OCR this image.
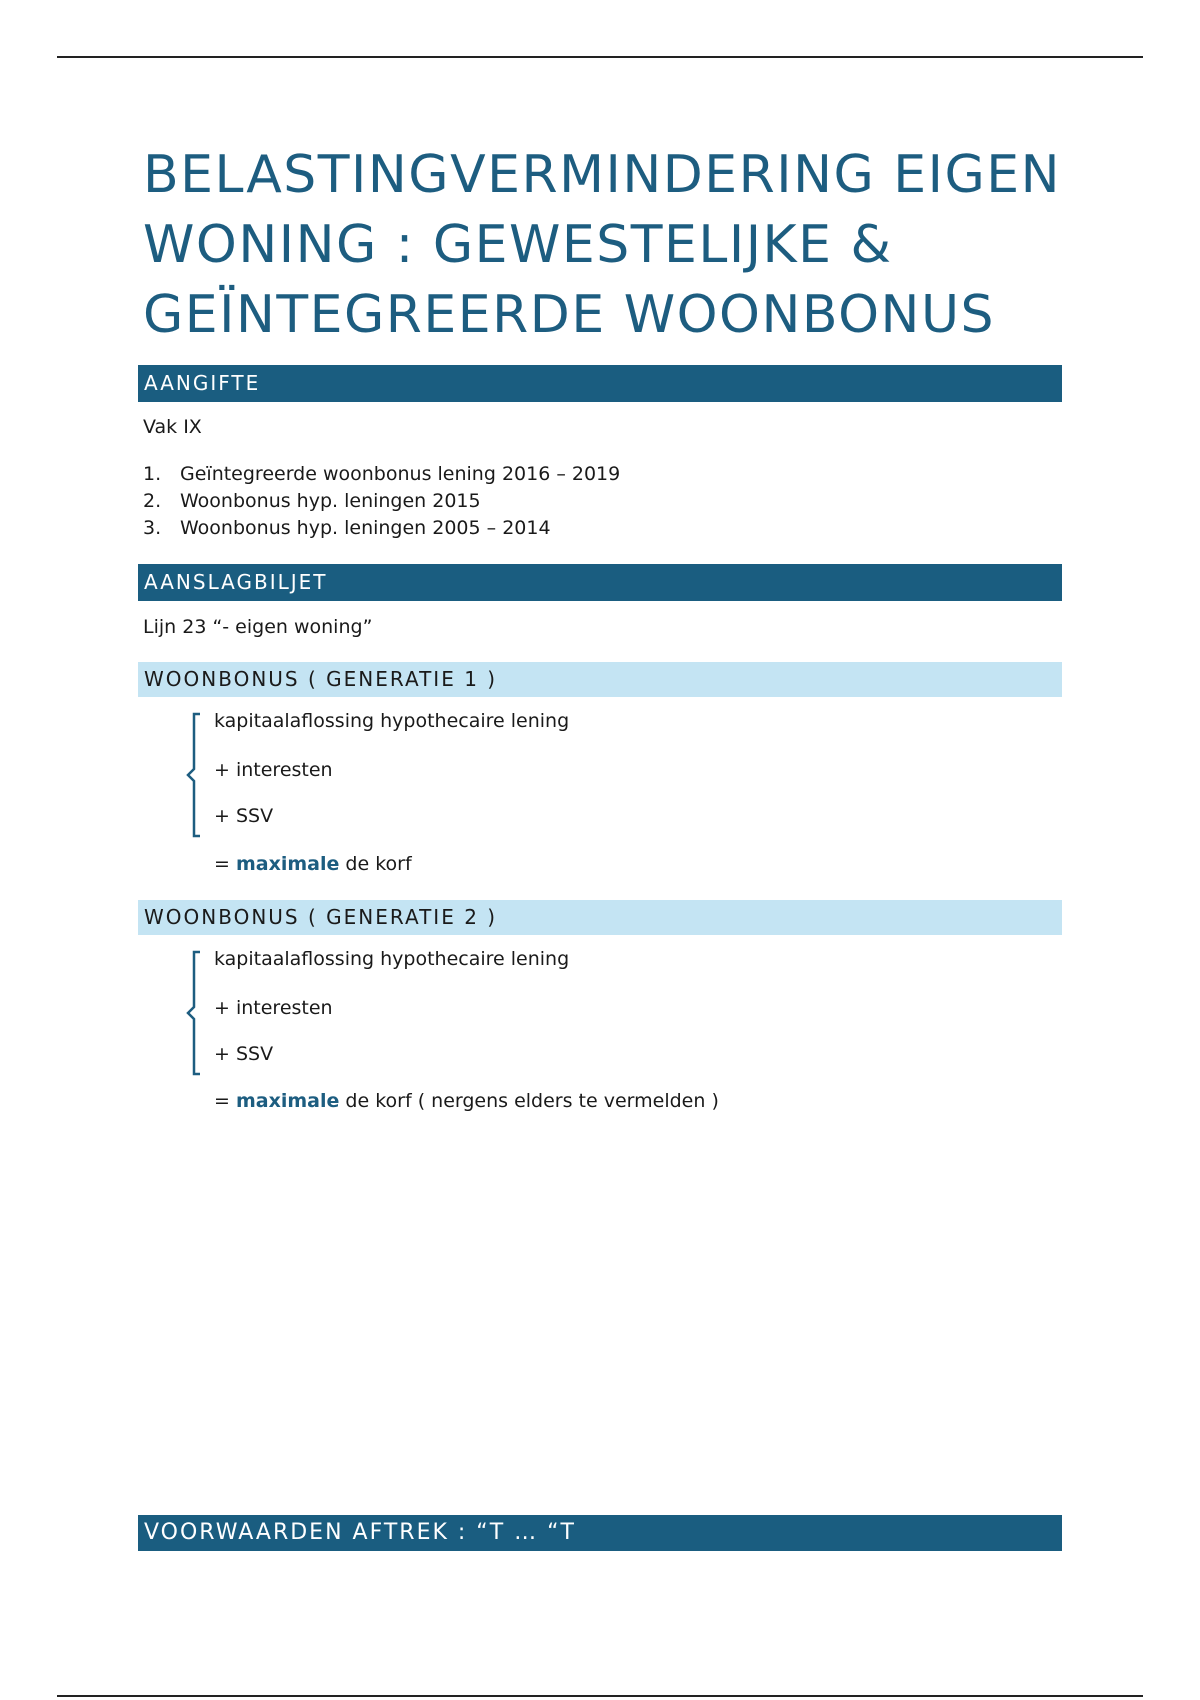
BELASTINGVERMINDERING EIGEN
WONING : GEWESTELIJKE &
GEÏNTEGREERDE WOONBONUS
AANGIFTE
Vak IX
1. Geïntegreerde woonbonus lening 2016 – 2019
2. Woonbonus hyp. leningen 2015
3. Woonbonus hyp. leningen 2005 – 2014
AANSLAGBILJET
Lijn 23 “- eigen woning”
WOONBONUS ( GENERATIE 1 )
kapitaalaflossing hypothecaire lening
+ interesten
+ SSV
= maximale de korf
WOONBONUS ( GENERATIE 2 )
kapitaalaflossing hypothecaire lening
+ interesten
+ SSV
= maximale de korf ( nergens elders te vermelden )
VOORWAARDEN AFTREK : “T … “T
